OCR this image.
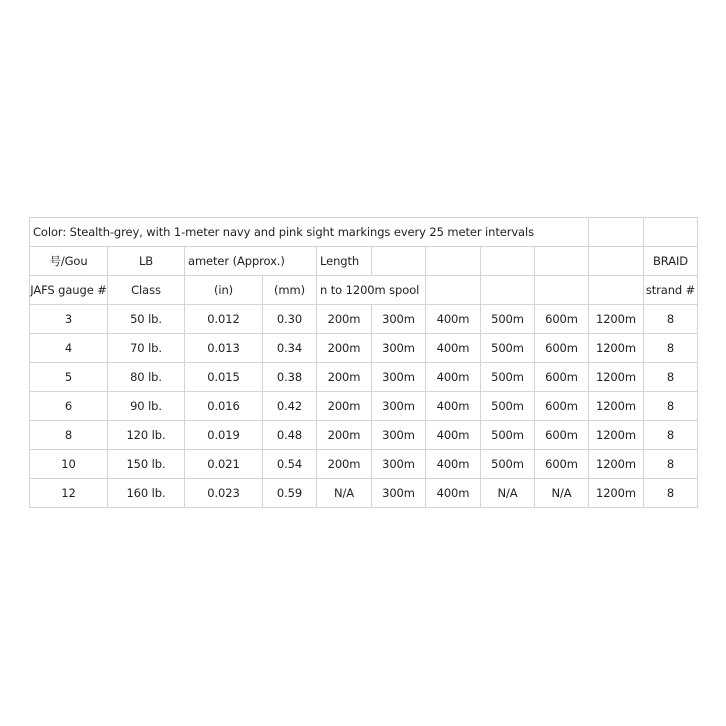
Color: Stealth-grey, with 1-meter navy and pink sight markings every 25 meter intervals										
号/Gou	LB	ameter (Approx.)		Length						BRAID
JAFS gauge #	Class	(in)	(mm)	n to 1200m spool						strand #
3	50 lb.	0.012	0.30	200m	300m	400m	500m	600m	1200m	8
4	70 lb.	0.013	0.34	200m	300m	400m	500m	600m	1200m	8
5	80 lb.	0.015	0.38	200m	300m	400m	500m	600m	1200m	8
6	90 lb.	0.016	0.42	200m	300m	400m	500m	600m	1200m	8
8	120 lb.	0.019	0.48	200m	300m	400m	500m	600m	1200m	8
10	150 lb.	0.021	0.54	200m	300m	400m	500m	600m	1200m	8
12	160 lb.	0.023	0.59	N/A	300m	400m	N/A	N/A	1200m	8
